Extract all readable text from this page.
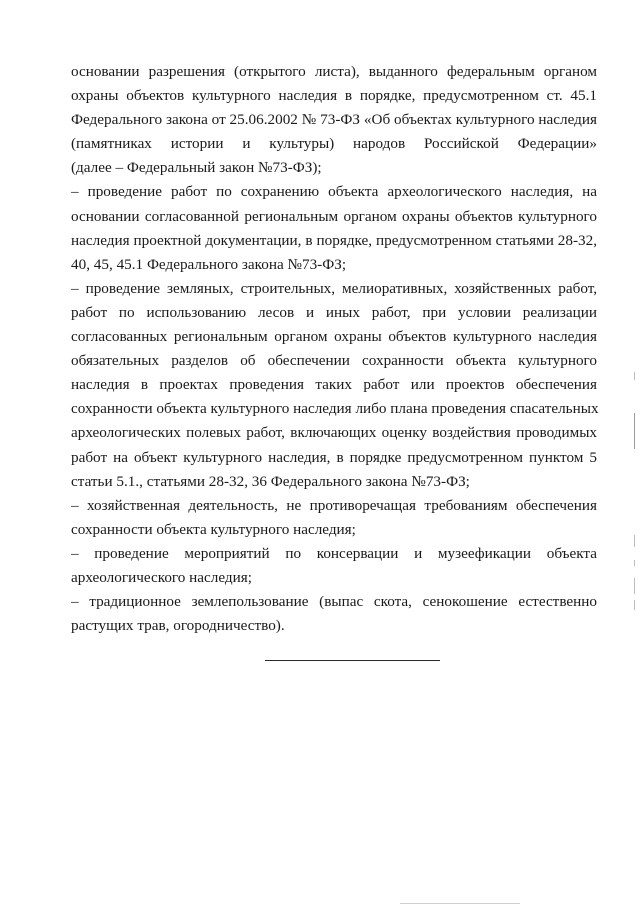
основании разрешения (открытого листа), выданного федеральным органом
охраны объектов культурного наследия в порядке, предусмотренном ст. 45.1
Федерального закона от 25.06.2002 № 73-ФЗ «Об объектах культурного наследия
(памятниках истории и культуры) народов Российской Федерации»
(далее – Федеральный закон №73-ФЗ);
– проведение работ по сохранению объекта археологического наследия, на
основании согласованной региональным органом охраны объектов культурного
наследия проектной документации, в порядке, предусмотренном статьями 28-32,
40, 45, 45.1 Федерального закона №73-ФЗ;
– проведение земляных, строительных, мелиоративных, хозяйственных работ,
работ по использованию лесов и иных работ, при условии реализации
согласованных региональным органом охраны объектов культурного наследия
обязательных разделов об обеспечении сохранности объекта культурного
наследия в проектах проведения таких работ или проектов обеспечения
сохранности объекта культурного наследия либо плана проведения спасательных
археологических полевых работ, включающих оценку воздействия проводимых
работ на объект культурного наследия, в порядке предусмотренном пунктом 5
статьи 5.1., статьями 28-32, 36 Федерального закона №73-ФЗ;
– хозяйственная деятельность, не противоречащая требованиям обеспечения
сохранности объекта культурного наследия;
– проведение мероприятий по консервации и музеефикации объекта
археологического наследия;
– традиционное землепользование (выпас скота, сенокошение естественно
растущих трав, огородничество).
